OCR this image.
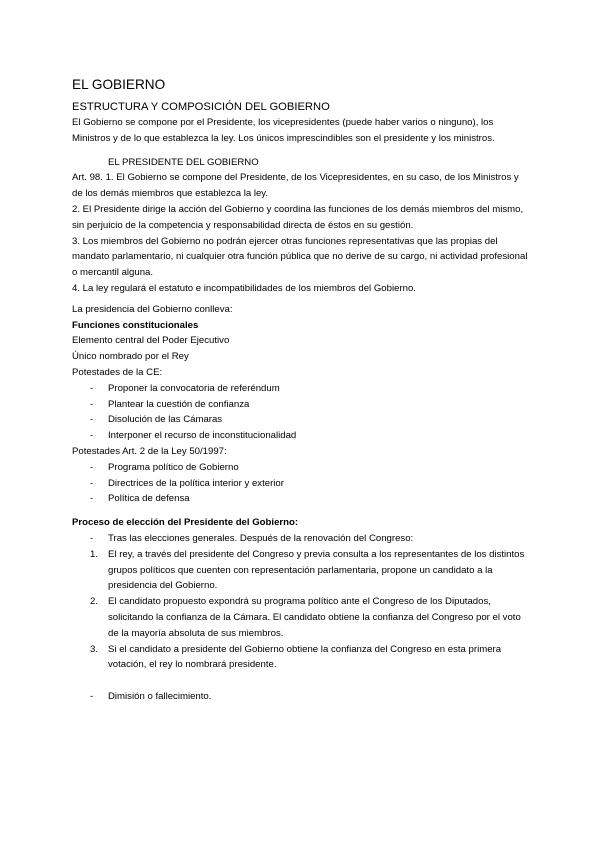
EL GOBIERNO

ESTRUCTURA Y COMPOSICIÓN DEL GOBIERNO

El Gobierno se compone por el Presidente, los vicepresidentes (puede haber varios o ninguno), los Ministros y de lo que establezca la ley. Los únicos imprescindibles son el presidente y los ministros.

EL PRESIDENTE DEL GOBIERNO

Art. 98. 1. El Gobierno se compone del Presidente, de los Vicepresidentes, en su caso, de los Ministros y de los demás miembros que establezca la ley.

2. El Presidente dirige la acción del Gobierno y coordina las funciones de los demás miembros del mismo, sin perjuicio de la competencia y responsabilidad directa de éstos en su gestión.

3. Los miembros del Gobierno no podrán ejercer otras funciones representativas que las propias del mandato parlamentario, ni cualquier otra función pública que no derive de su cargo, ni actividad profesional o mercantil alguna.

4. La ley regulará el estatuto e incompatibilidades de los miembros del Gobierno.

La presidencia del Gobierno conlleva:

Funciones constitucionales

Elemento central del Poder Ejecutivo

Único nombrado por el Rey

Potestades de la CE:

- Proponer la convocatoria de referéndum
- Plantear la cuestión de confianza
- Disolución de las Cámaras
- Interponer el recurso de inconstitucionalidad

Potestades Art. 2 de la Ley 50/1997:

- Programa político de Gobierno
- Directrices de la política interior y exterior
- Política de defensa

Proceso de elección del Presidente del Gobierno:

- Tras las elecciones generales. Después de la renovación del Congreso:
1. El rey, a través del presidente del Congreso y previa consulta a los representantes de los distintos grupos políticos que cuenten con representación parlamentaria, propone un candidato a la presidencia del Gobierno.
2. El candidato propuesto expondrá su programa político ante el Congreso de los Diputados, solicitando la confianza de la Cámara. El candidato obtiene la confianza del Congreso por el voto de la mayoría absoluta de sus miembros.
3. Si el candidato a presidente del Gobierno obtiene la confianza del Congreso en esta primera votación, el rey lo nombrará presidente.
- Dimisión o fallecimiento.
